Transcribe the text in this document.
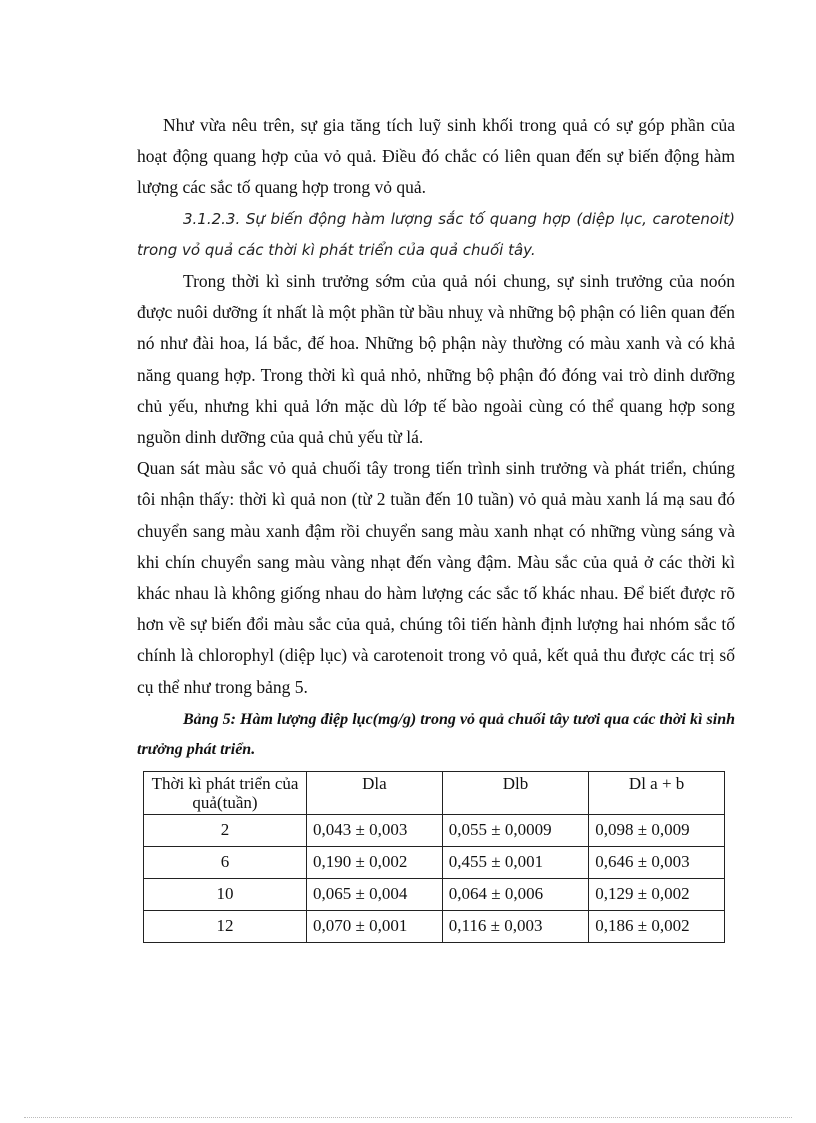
Như vừa nêu trên, sự gia tăng tích luỹ sinh khối trong quả có sự góp phần của hoạt động quang hợp của vỏ quả. Điều đó chắc có liên quan đến sự biến động hàm lượng các sắc tố quang hợp trong vỏ quả.

3.1.2.3. Sự biến động hàm lượng sắc tố quang hợp (diệp lục, carotenoit) trong vỏ quả các thời kì phát triển của quả chuối tây.

Trong thời kì sinh trưởng sớm của quả nói chung, sự sinh trưởng của noón được nuôi dưỡng ít nhất là một phần từ bầu nhuỵ và những bộ phận có liên quan đến nó như đài hoa, lá bắc, đế hoa. Những bộ phận này thường có màu xanh và có khả năng quang hợp. Trong thời kì quả nhỏ, những bộ phận đó đóng vai trò dinh dưỡng chủ yếu, nhưng khi quả lớn mặc dù lớp tế bào ngoài cùng có thể quang hợp song nguồn dinh dưỡng của quả chủ yếu từ lá.

Quan sát màu sắc vỏ quả chuối tây trong tiến trình sinh trưởng và phát triển, chúng tôi nhận thấy: thời kì quả non (từ 2 tuần đến 10 tuần) vỏ quả màu xanh lá mạ sau đó chuyển sang màu xanh đậm rồi chuyển sang màu xanh nhạt có những vùng sáng và khi chín chuyển sang màu vàng nhạt đến vàng đậm. Màu sắc của quả ở các thời kì khác nhau là không giống nhau do hàm lượng các sắc tố khác nhau. Để biết được rõ hơn về sự biến đổi màu sắc của quả, chúng tôi tiến hành định lượng hai nhóm sắc tố chính là chlorophyl (diệp lục) và carotenoit trong vỏ quả, kết quả thu được các trị số cụ thể như trong bảng 5.

Bảng 5: Hàm lượng điệp lục(mg/g) trong vỏ quả chuối tây tươi qua các thời kì sinh trưởng phát triển.

Thời kì phát triển của quả(tuần)	Dla	Dlb	Dl a + b
2	0,043 ± 0,003	0,055 ± 0,0009	0,098 ± 0,009
6	0,190 ± 0,002	0,455 ± 0,001	0,646 ± 0,003
10	0,065 ± 0,004	0,064 ± 0,006	0,129 ± 0,002
12	0,070 ± 0,001	0,116 ± 0,003	0,186 ± 0,002
